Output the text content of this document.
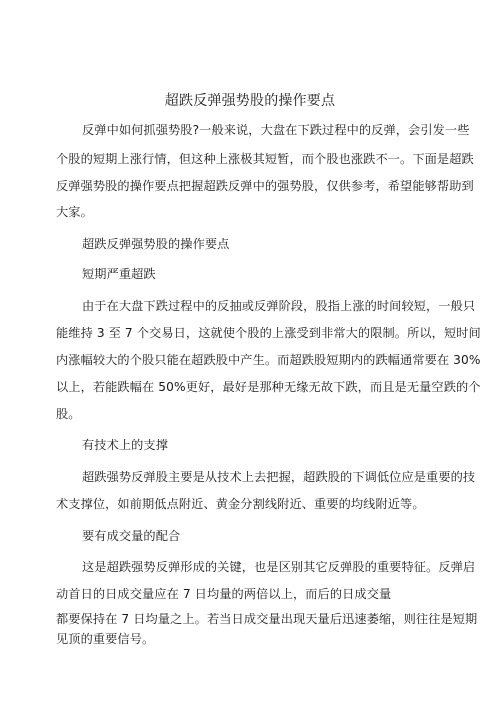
超跌反弹强势股的操作要点
反弹中如何抓强势股?一般来说，大盘在下跌过程中的反弹，会引发一些
个股的短期上涨行情，但这种上涨极其短暂，而个股也涨跌不一。下面是超跌
反弹强势股的操作要点把握超跌反弹中的强势股，仅供参考，希望能够帮助到
大家。
超跌反弹强势股的操作要点
短期严重超跌
由于在大盘下跌过程中的反抽或反弹阶段，股指上涨的时间较短，一般只
能维持 3 至 7 个交易日，这就使个股的上涨受到非常大的限制。所以，短时间
内涨幅较大的个股只能在超跌股中产生。而超跌股短期内的跌幅通常要在 30%
以上，若能跌幅在 50%更好，最好是那种无缘无故下跌，而且是无量空跌的个
股。
有技术上的支撑
超跌强势反弹股主要是从技术上去把握，超跌股的下调低位应是重要的技
术支撑位，如前期低点附近、黄金分割线附近、重要的均线附近等。
要有成交量的配合
这是超跌强势反弹形成的关键，也是区别其它反弹股的重要特征。反弹启
动首日的日成交量应在 7 日均量的两倍以上，而后的日成交量
都要保持在 7 日均量之上。若当日成交量出现天量后迅速萎缩，则往往是短期
见顶的重要信号。
